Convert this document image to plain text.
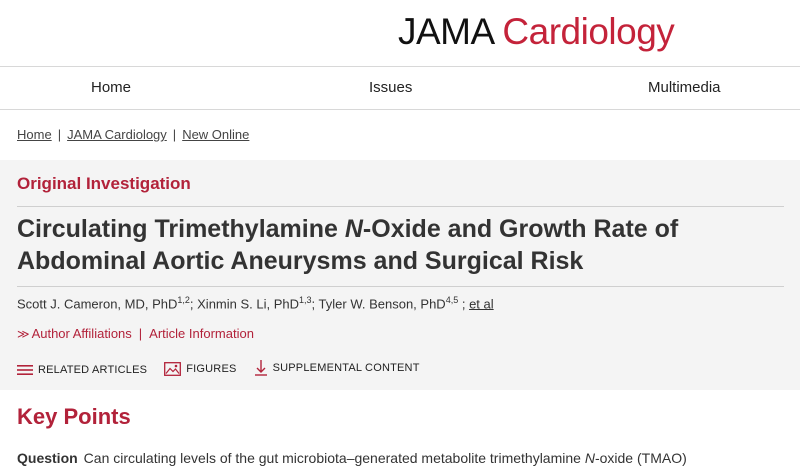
JAMA Cardiology
Home	Issues	Multimedia
Home | JAMA Cardiology | New Online
Original Investigation
Circulating Trimethylamine N-Oxide and Growth Rate of Abdominal Aortic Aneurysms and Surgical Risk
Scott J. Cameron, MD, PhD$^{1,2}$; Xinmin S. Li, PhD$^{1,3}$; Tyler W. Benson, PhD$^{4,5}$ ; et al
≫ Author Affiliations | Article Information
RELATED ARTICLES
	FIGURES
	SUPPLEMENTAL CONTENT
Key Points
Question Can circulating levels of the gut microbiota–generated metabolite trimethylamine N-oxide (TMAO)
